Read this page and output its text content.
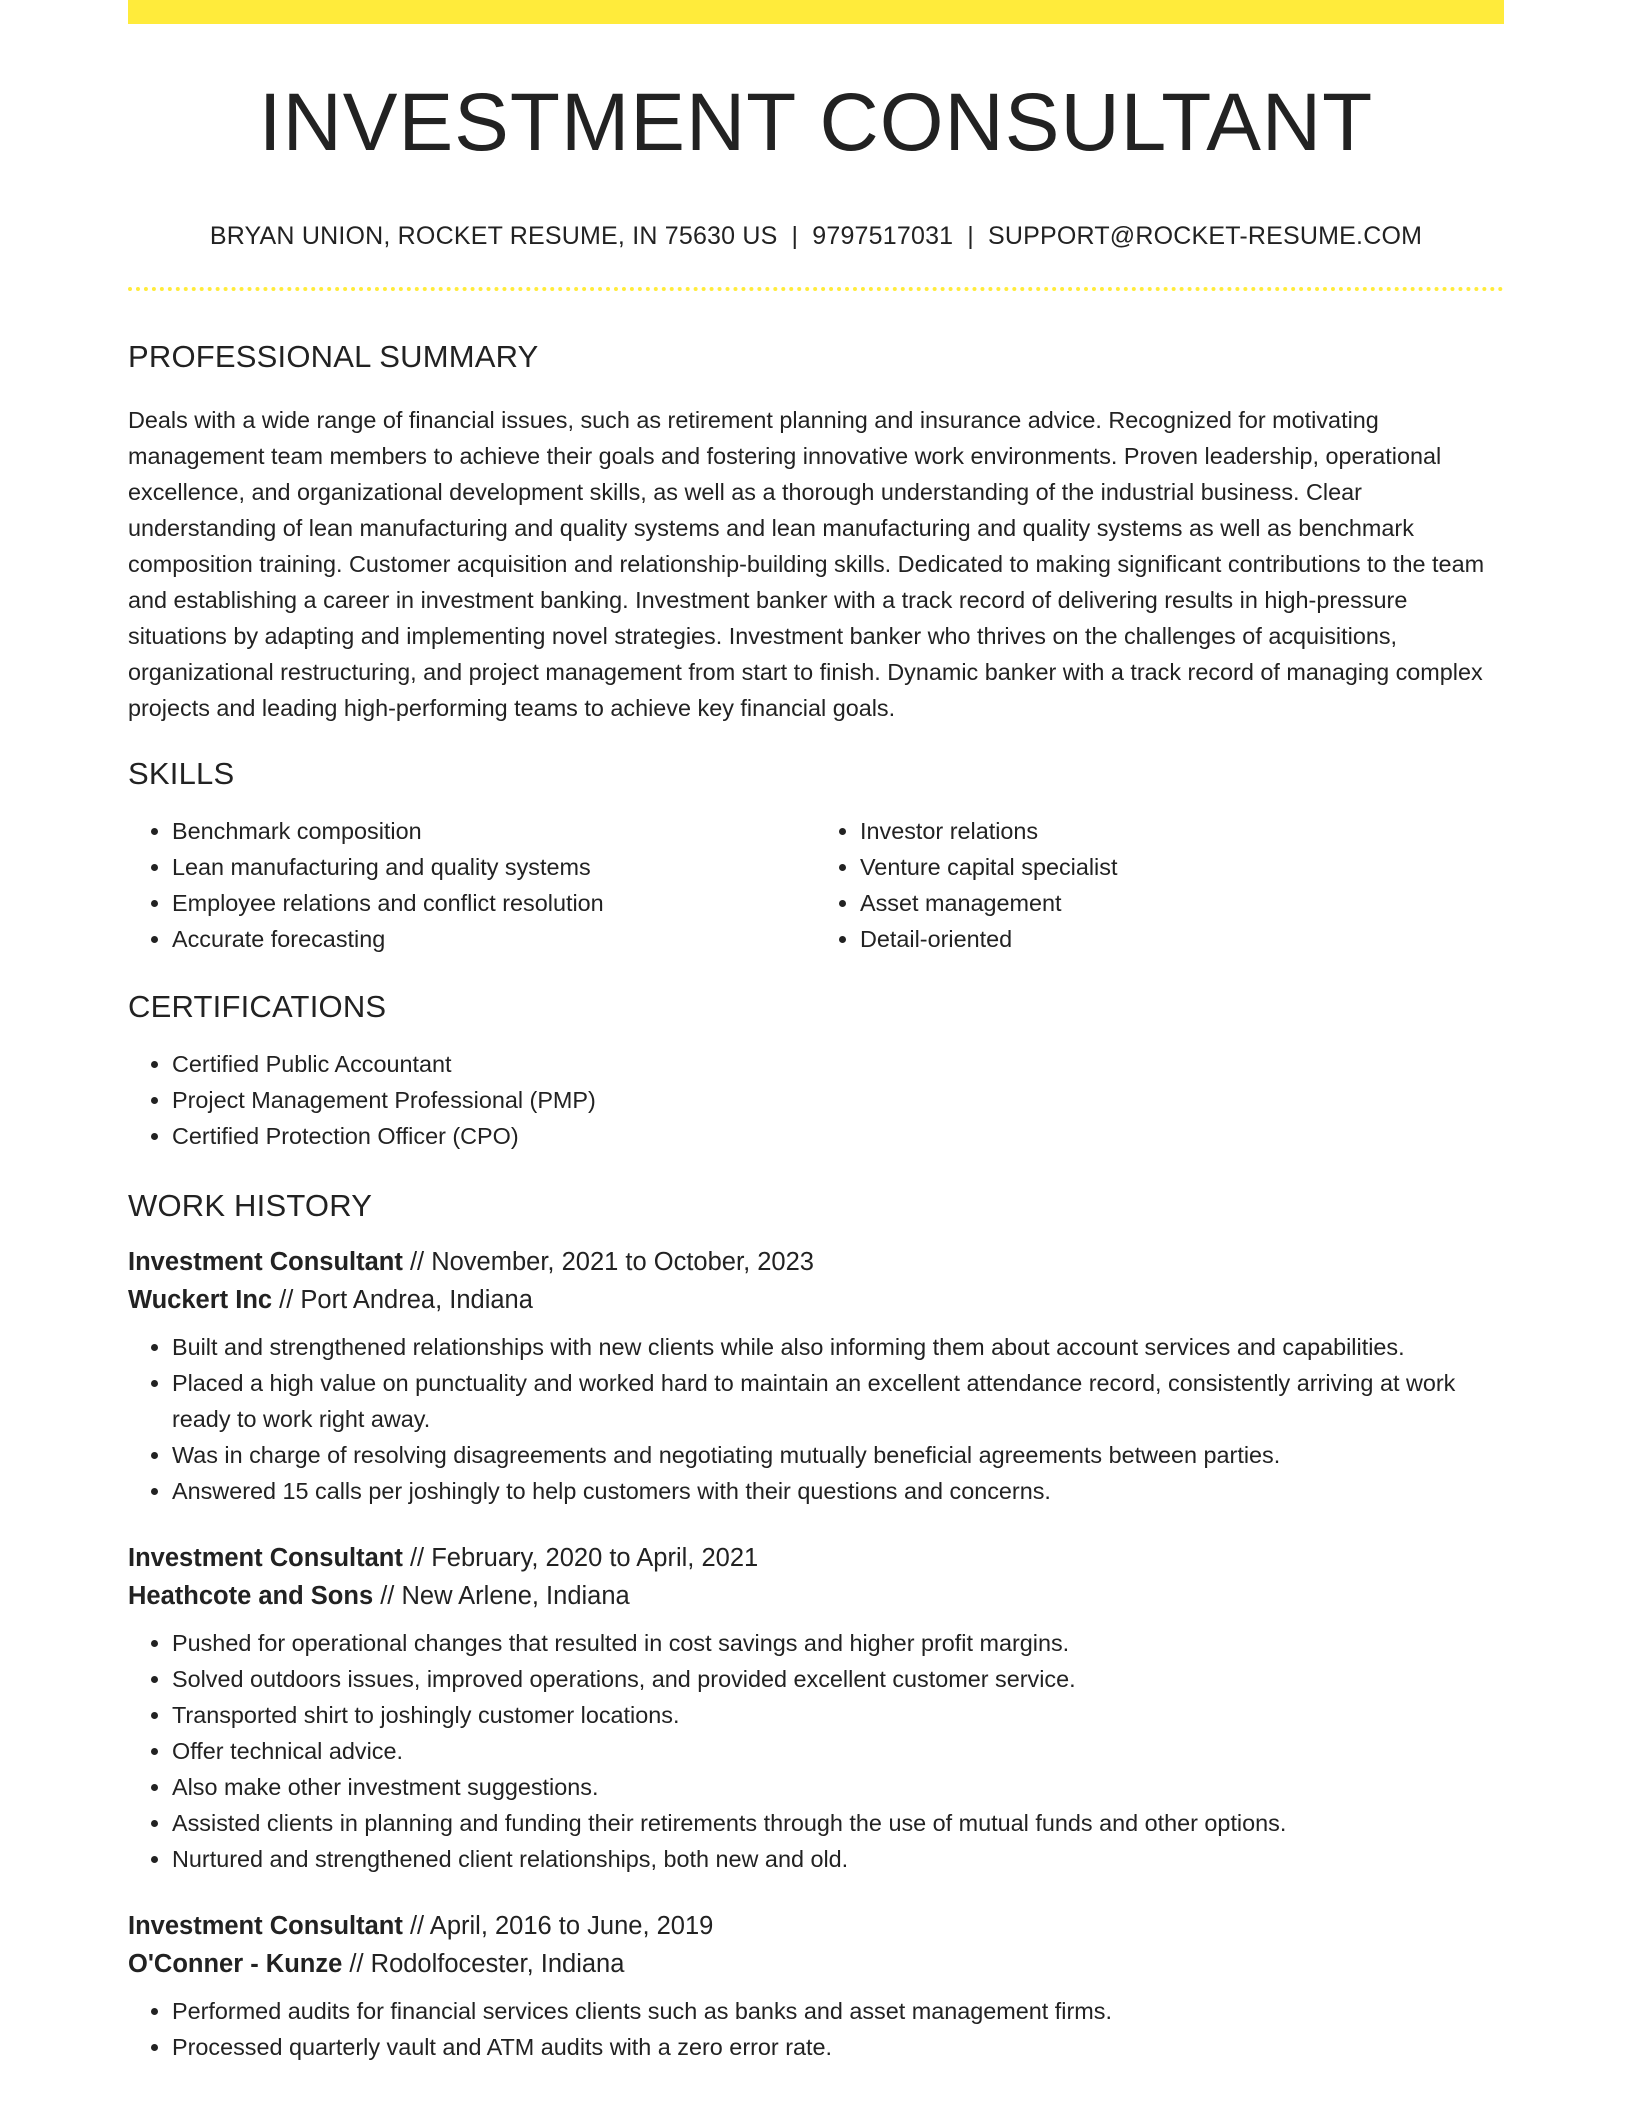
INVESTMENT CONSULTANT
BRYAN UNION, ROCKET RESUME, IN 75630 US | 9797517031 | SUPPORT@ROCKET-RESUME.COM
PROFESSIONAL SUMMARY

Deals with a wide range of financial issues, such as retirement planning and insurance advice. Recognized for motivating management team members to achieve their goals and fostering innovative work environments. Proven leadership, operational excellence, and organizational development skills, as well as a thorough understanding of the industrial business. Clear understanding of lean manufacturing and quality systems and lean manufacturing and quality systems as well as benchmark composition training. Customer acquisition and relationship-building skills. Dedicated to making significant contributions to the team and establishing a career in investment banking. Investment banker with a track record of delivering results in high-pressure situations by adapting and implementing novel strategies. Investment banker who thrives on the challenges of acquisitions, organizational restructuring, and project management from start to finish. Dynamic banker with a track record of managing complex projects and leading high-performing teams to achieve key financial goals.

SKILLS
• Benchmark composition
• Lean manufacturing and quality systems
• Employee relations and conflict resolution
• Accurate forecasting
• Investor relations
• Venture capital specialist
• Asset management
• Detail-oriented
CERTIFICATIONS
• Certified Public Accountant
• Project Management Professional (PMP)
• Certified Protection Officer (CPO)
WORK HISTORY
Investment Consultant // November, 2021 to October, 2023
Wuckert Inc // Port Andrea, Indiana
• Built and strengthened relationships with new clients while also informing them about account services and capabilities.
• Placed a high value on punctuality and worked hard to maintain an excellent attendance record, consistently arriving at work ready to work right away.
• Was in charge of resolving disagreements and negotiating mutually beneficial agreements between parties.
• Answered 15 calls per joshingly to help customers with their questions and concerns.
Investment Consultant // February, 2020 to April, 2021
Heathcote and Sons // New Arlene, Indiana
• Pushed for operational changes that resulted in cost savings and higher profit margins.
• Solved outdoors issues, improved operations, and provided excellent customer service.
• Transported shirt to joshingly customer locations.
• Offer technical advice.
• Also make other investment suggestions.
• Assisted clients in planning and funding their retirements through the use of mutual funds and other options.
• Nurtured and strengthened client relationships, both new and old.
Investment Consultant // April, 2016 to June, 2019
O'Conner - Kunze // Rodolfocester, Indiana
• Performed audits for financial services clients such as banks and asset management firms.
• Processed quarterly vault and ATM audits with a zero error rate.
